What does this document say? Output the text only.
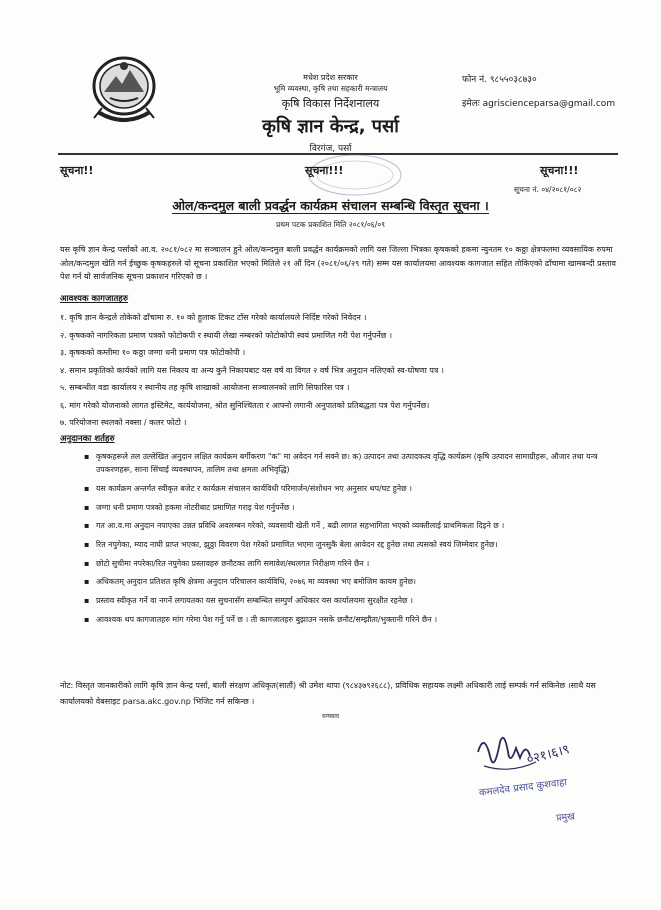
मधेश प्रदेश सरकार
भूमि व्यवस्था, कृषि तथा सहकारी मन्त्रालय
कृषि विकास निर्देशनालय
कृषि ज्ञान केन्द्र, पर्सा
विरगंज, पर्सा
फोन नं. ९८५५०३८७३०
इमेलः agriscienceparsa@gmail.com
सूचना!!	सूचना!!!	सूचना!!!
सूचना नं. ०४/२०८१/०८२
ओल/कन्दमुल बाली प्रवर्द्धन कार्यक्रम संचालन सम्बन्धि विस्तृत सूचना ।
प्रथम पटक प्रकाशित मिति २०८१/०६/०९
यस कृषि ज्ञान केन्द्र पर्साको आ.व. २०८१/०८२ मा सञ्चालन हुने ओल/कन्दमुल बाली प्रवर्द्धन कार्यक्रमको लागि यस जिल्ला भित्रका कृषकको हकमा न्युनतम १० कठ्ठा क्षेत्रफलमा व्यवसायिक रुपमा ओल/कन्दमुल खेति गर्न ईच्छुक कृषकहरुले यो सूचना प्रकाशित भएको मितिले २१ औं दिन (२०८१/०६/२९ गते) सम्म यस कार्यालयमा आवश्यक कागजात सहित तोकिएको ढाँचामा खामबन्दी प्रस्ताव पेश गर्न यो सार्वजनिक सूचना प्रकाशन गरिएको छ ।
आवश्यक कागजातहरु
१. कृषि ज्ञान केन्द्रले तोकेको ढाँचामा रु. १० को हुलाक टिकट टाँस गरेको कार्यालयले निर्दिष्ट गरेको निवेदन ।
२. कृषकको नागरिकता प्रमाण पत्रको फोटोकपी र स्थायी लेखा नम्बरको फोटोकोपी स्वयं प्रमाणित गरी पेश गर्नुपर्नेछ ।
३. कृषकको कम्तीमा १० कठ्ठा जग्गा धनी प्रमाण पत्र फोटोकोपी ।
४. समान प्रकृतिको कार्यको लागि यस निकाय वा अन्य कुनै निकायबाट यस वर्ष वा विगत २ वर्ष भित्र अनुदान नलिएको स्व-घोषणा पत्र ।
५. सम्बन्धीत वडा कार्यालय र स्थानीय तह कृषि शाखाको आयोजना सञ्चालनको लागि सिफारिस पत्र ।
६. मांग गरेको योजनाको लागत इस्टिमेट, कार्ययोजना, श्रोत सुनिश्चितता र आफ्नो लगानी अनुपातको प्रतिबद्धता पत्र पेश गर्नुपर्नेछ।
७. परियोजना स्थलको नक्सा / कलर फोटो ।
अनुदानका शर्तहरु
▪ कृषकहरूले तल उल्लेखित अनुदान लक्षित कार्यक्रम बर्गीकरण "क" मा अवेदन गर्न सक्ने छ। क) उत्पादन तथा उत्पादकत्व वृद्धि कार्यक्रम (कृषि उत्पादन सामाग्रीहरू, औजार तथा यन्त्र उपकरणहरू, साना सिंचाई व्यवस्थापन, तालिम तथा क्षमता अभिवृद्धि)
▪ यस कार्यक्रम अन्तर्गत स्वीकृत बजेट र कार्यक्रम संचालन कार्यविधी परिमार्जन/संशोधन भए अनुसार थप/घट हुनेछ ।
▪ जग्गा धनी प्रमाण पत्रको हकमा नोटरीबाट प्रमाणित गराइ पेश गर्नुपर्नेछ ।
▪ गत आ.व.मा अनुदान नपाएका उन्नत प्रविधि अवलम्बन गरेको, व्यवसायी खेती गर्ने , बढी लागत सहभागिता भएको व्यक्तीलाई प्राथमिकता दिइने छ ।
▪ रित नपुगेका, म्याद नाघी प्राप्त भएका, झुठ्ठा विवरण पेश गरेको प्रमाणित भएमा जुनसुकै बेला आवेदन रद्द हुनेछ तथा त्यसको स्वयं जिम्मेवार हुनेछ।
▪ छोटो सुचीमा नपरेका/रित नपुगेका प्रस्तावहरु छनौटका लागि समावेश/स्थलगत निरीक्षण गरिने छैन ।
▪ अधिकतम् अनुदान प्रतिशत कृषि क्षेत्रमा अनुदान परिचालन कार्यविधि, २०७६ मा व्यवस्था भए बमोजिम कायम हुनेछ।
▪ प्रस्ताव स्वीकृत गर्ने वा नगर्ने लगायतका यस सुचनासँग सम्बन्धित सम्पुर्ण अधिकार यस कार्यालयमा सुरक्षीत रहनेछ ।
▪ आवश्यक थप कागजातहरु मांग गरेमा पेश गर्नु पर्ने छ । ती कागजातहरु बुझाउन नसके छनौट/सम्झौता/भुक्तानी गरिने छैन ।
नोट: विस्तृत जानकारीको लागि कृषि ज्ञान केन्द्र पर्सा, बाली संरक्षण अधिकृत(सातौं) श्री उमेश थापा (९८४३७९२६८८), प्रविधिक सहायक लक्ष्मी अधिकारी लाई सम्पर्क गर्न सकिनेछ ।साथै यस कार्यालयको वेबसाइट parsa.akc.gov.np भिजिट गर्न सकिन्छ ।
धन्यवाद
०२१।६।९
कमलदेव प्रसाद कुशवाहा
प्रमुख
